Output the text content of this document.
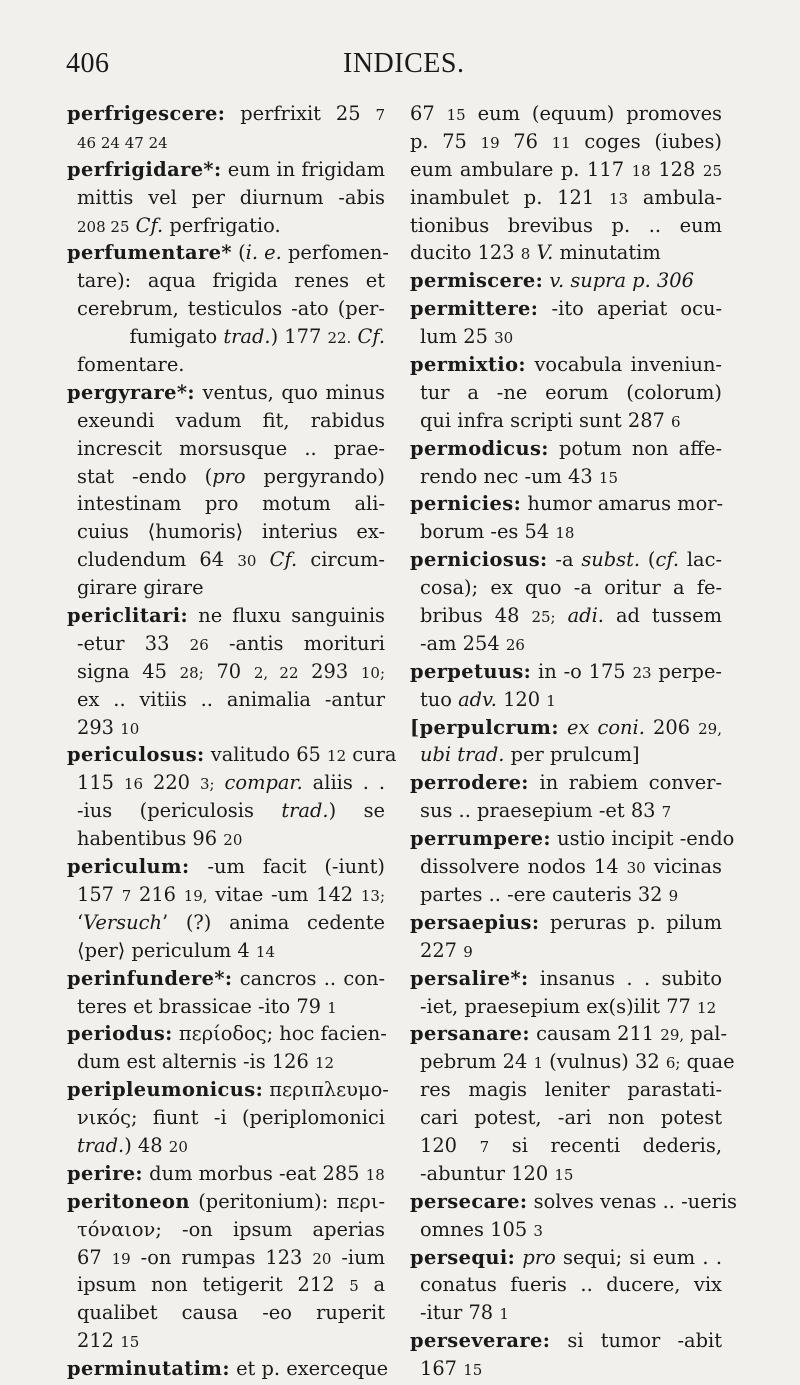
406	INDICES.
perfrigescere: perfrixit 25 7
46 24 47 24
perfrigidare*: eum in frigidam
mittis vel per diurnum -abis
208 25 Cf. perfrigatio.
perfumentare* (i. e. perfomen-
tare): aqua frigida renes et
cerebrum, testiculos -ato (per-
fumigato trad.) 177 22. Cf.
fomentare.
pergyrare*: ventus, quo minus
exeundi vadum fit, rabidus
increscit morsusque .. prae-
stat -endo (pro pergyrando)
intestinam pro motum ali-
cuius ⟨humoris⟩ interius ex-
cludendum 64 30 Cf. circum-
girare girare
periclitari: ne fluxu sanguinis
-etur 33 26 -antis morituri
signa 45 28; 70 2, 22 293 10;
ex .. vitiis .. animalia -antur
293 10
periculosus: valitudo 65 12 cura
115 16 220 3; compar. aliis . .
-ius (periculosis trad.) se
habentibus 96 20
periculum: -um facit (-iunt)
157 7 216 19, vitae -um 142 13;
‘Versuch’ (?) anima cedente
⟨per⟩ periculum 4 14
perinfundere*: cancros .. con-
teres et brassicae -ito 79 1
periodus: περίοδος; hoc facien-
dum est alternis -is 126 12
peripleumonicus: περιπλευμο-
νικός; fiunt -i (periplomonici
trad.) 48 20
perire: dum morbus -eat 285 18
peritoneon (peritonium): περι-
τόναιον; -on ipsum aperias
67 19 -on rumpas 123 20 -ium
ipsum non tetigerit 212 5 a
qualibet causa -eo ruperit
212 15
perminutatim: et p. exerceque
67 15 eum (equum) promoves
p. 75 19 76 11 coges (iubes)
eum ambulare p. 117 18 128 25
inambulet p. 121 13 ambula-
tionibus brevibus p. .. eum
ducito 123 8 V. minutatim
permiscere: v. supra p. 306
permittere: -ito aperiat ocu-
lum 25 30
permixtio: vocabula inveniun-
tur a -ne eorum (colorum)
qui infra scripti sunt 287 6
permodicus: potum non affe-
rendo nec -um 43 15
pernicies: humor amarus mor-
borum -es 54 18
perniciosus: -a subst. (cf. lac-
cosa); ex quo -a oritur a fe-
bribus 48 25; adi. ad tussem
-am 254 26
perpetuus: in -o 175 23 perpe-
tuo adv. 120 1
[perpulcrum: ex coni. 206 29,
ubi trad. per prulcum]
perrodere: in rabiem conver-
sus .. praesepium -et 83 7
perrumpere: ustio incipit -endo
dissolvere nodos 14 30 vicinas
partes .. -ere cauteris 32 9
persaepius: peruras p. pilum
227 9
persalire*: insanus . . subito
-iet, praesepium ex(s)ilit 77 12
persanare: causam 211 29, pal-
pebrum 24 1 (vulnus) 32 6; quae
res magis leniter parastati-
cari potest, -ari non potest
120 7 si recenti dederis,
-abuntur 120 15
persecare: solves venas .. -ueris
omnes 105 3
persequi: pro sequi; si eum . .
conatus fueris .. ducere, vix
-itur 78 1
perseverare: si tumor -abit
167 15
